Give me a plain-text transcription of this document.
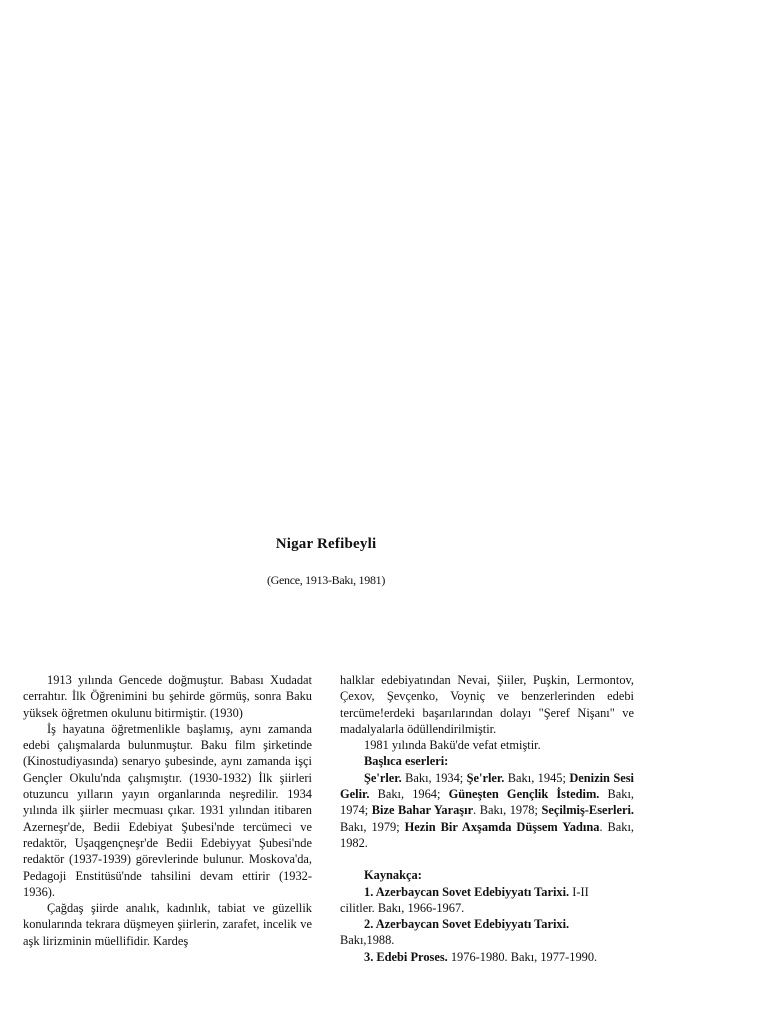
Nigar Refibeyli
(Gence, 1913-Bakı, 1981)

1913 yılında Gencede doğmuştur. Babası Xudadat cerrahtır. İlk Öğrenimini bu şehirde görmüş, sonra Baku yüksek öğretmen okulunu bitirmiştir. (1930)

İş hayatına öğretmenlikle başlamış, aynı zamanda edebi çalışmalarda bulunmuştur. Baku film şirketinde (Kinostudiyasında) senaryo şubesinde, aynı zamanda işçi Gençler Okulu'nda çalışmıştır. (1930-1932) İlk şiirleri otuzuncu yılların yayın organlarında neşredilir. 1934 yılında ilk şiirler mecmuası çıkar. 1931 yılından itibaren Azerneşr'de, Bedii Edebiyat Şubesi'nde tercümeci ve redaktör, Uşaqgençneşr'de Bedii Edebiyyat Şubesi'nde redaktör (1937-1939) görevlerinde bulunur. Moskova'da, Pedagoji Enstitüsü'nde tahsilini devam ettirir (1932-1936).

Çağdaş şiirde analık, kadınlık, tabiat ve güzellik konularında tekrara düşmeyen şiirlerin, zarafet, incelik ve aşk lirizminin müellifidir. Kardeş

halklar edebiyatından Nevai, Şiiler, Puşkin, Lermontov, Çexov, Şevçenko, Voyniç ve benzerlerinden edebi tercüme!erdeki başarılarından dolayı "Şeref Nişanı" ve madalyalarla ödüllendirilmiştir.

1981 yılında Bakü'de vefat etmiştir.

Başlıca eserleri:

Şe'rler. Bakı, 1934; Şe'rler. Bakı, 1945; Denizin Sesi Gelir. Bakı, 1964; Güneşten Gençlik İstedim. Bakı, 1974; Bize Bahar Yaraşır. Bakı, 1978; Seçilmiş-Eserleri. Bakı, 1979; Hezin Bir Axşamda Düşsem Yadına. Bakı, 1982.

Kaynakça:

1. Azerbaycan Sovet Edebiyyatı Tarixi. I-II

cilitler. Bakı, 1966-1967.

2. Azerbaycan Sovet Edebiyyatı Tarixi.

Bakı,1988.

3. Edebi Proses. 1976-1980. Bakı, 1977-1990.
